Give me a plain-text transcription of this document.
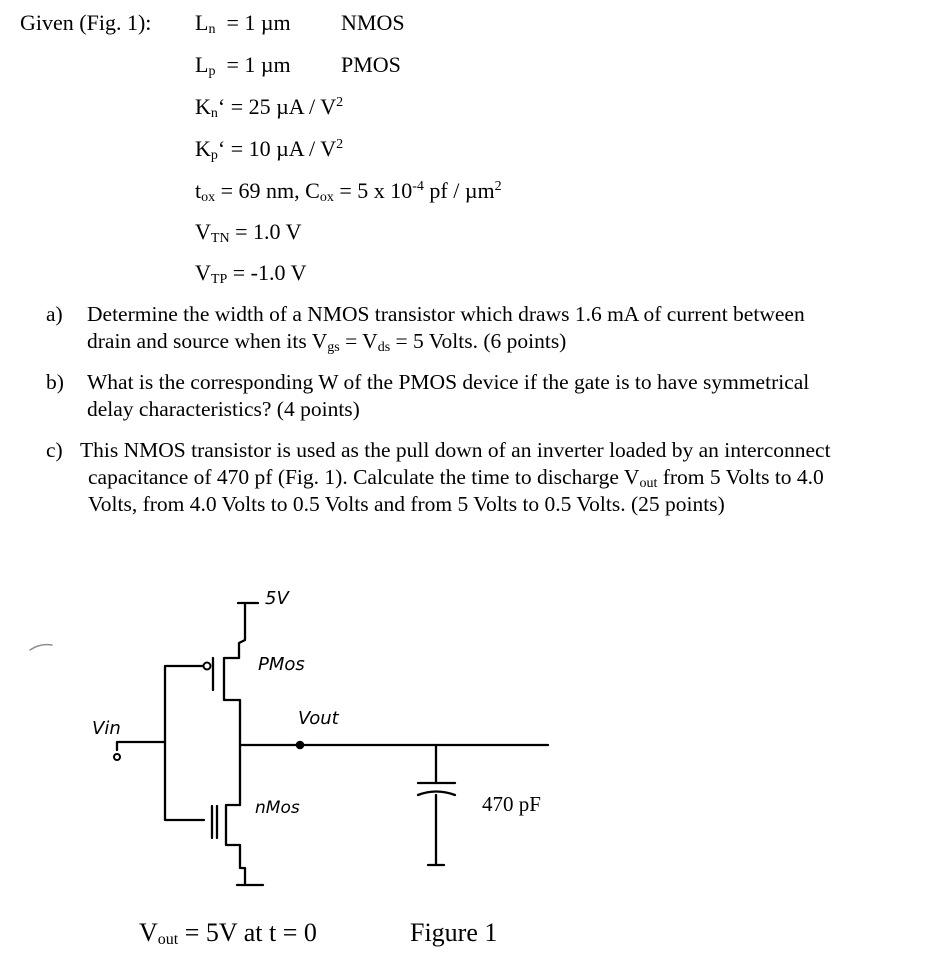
Given (Fig. 1): $L_n = 1$ µm NMOS
$L_p = 1$ µm PMOS
$K_n‘ = 25$ µA / $V^2$
$K_p‘ = 10$ µA / $V^2$
$t_{ox} = 69$ nm, $C_{ox} = 5$ x $10^{-4}$ pf / µm$^2$
$V_{TN} = 1.0$ V
$V_{TP} = -1.0$ V
a) Determine the width of a NMOS transistor which draws 1.6 mA of current between
drain and source when its $V_{gs} = V_{ds} = 5$ Volts. (6 points)
b) What is the corresponding W of the PMOS device if the gate is to have symmetrical
delay characteristics? (4 points)
c) This NMOS transistor is used as the pull down of an inverter loaded by an interconnect
capacitance of 470 pf (Fig. 1). Calculate the time to discharge $V_{out}$ from 5 Volts to 4.0
Volts, from 4.0 Volts to 0.5 Volts and from 5 Volts to 0.5 Volts. (25 points)
5V
PMos
Vout
Vin
nMos	470 pF
$V_{out} = 5V$ at t = 0	Figure 1
